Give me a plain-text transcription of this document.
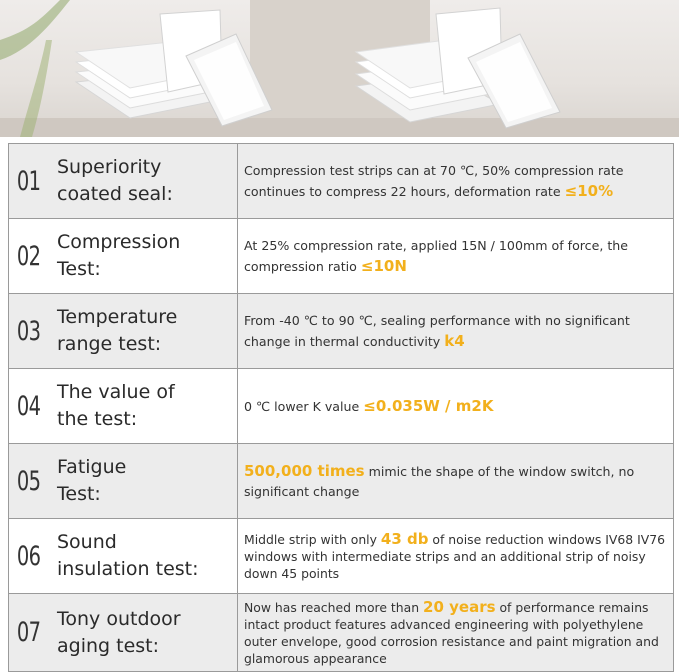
01 Superiority
coated seal:
Compression test strips can at 70 ℃, 50% compression rate continues to compress 22 hours, deformation rate ≤10%
02 Compression
Test:
At 25% compression rate, applied 15N / 100mm of force, the compression ratio ≤10N
03 Temperature
range test:
From -40 ℃ to 90 ℃, sealing performance with no significant change in thermal conductivity k4
04 The value of
the test:
0 ℃ lower K value ≤0.035W / m2K
05 Fatigue
Test:
500,000 times mimic the shape of the window switch, no significant change
06 Sound
insulation test:
Middle strip with only 43 db of noise reduction windows IV68 IV76 windows with intermediate strips and an additional strip of noisy down 45 points
07 Tony outdoor
aging test:
Now has reached more than 20 years of performance remains intact product features advanced engineering with polyethylene outer envelope, good corrosion resistance and paint migration and glamorous appearance
